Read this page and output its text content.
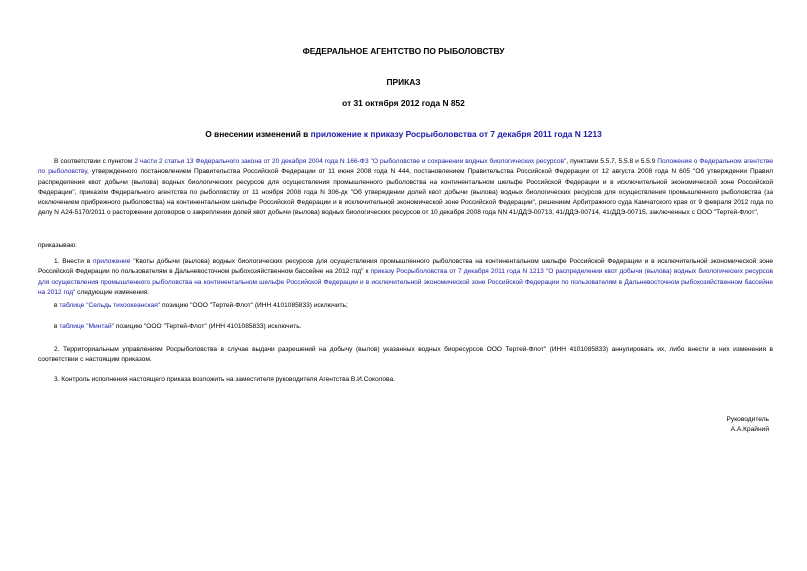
ФЕДЕРАЛЬНОЕ АГЕНТСТВО ПО РЫБОЛОВСТВУ
ПРИКАЗ
от 31 октября 2012 года N 852
О внесении изменений в приложение к приказу Росрыболовства от 7 декабря 2011 года N 1213
В соответствии с пунктом 2 части 2 статьи 13 Федерального закона от 20 декабря 2004 года N 166-ФЗ "О рыболовстве и сохранении водных биологических ресурсов", пунктами 5.5.7, 5.5.8 и 5.5.9 Положения о Федеральном агентстве по рыболовству, утвержденного постановлением Правительства Российской Федерации от 11 июня 2008 года N 444, постановлением Правительства Российской Федерации от 12 августа 2008 года N 605 "Об утверждении Правил распределения квот добычи (вылова) водных биологических ресурсов для осуществления промышленного рыболовства на континентальном шельфе Российской Федерации и в исключительной экономической зоне Российской Федерации", приказом Федерального агентства по рыболовству от 11 ноября 2008 года N 306-дк "Об утверждении долей квот добычи (вылова) водных биологических ресурсов для осуществления промышленного рыболовства (за исключением прибрежного рыболовства) на континентальном шельфе Российской Федерации и в исключительной экономической зоне Российской Федерации", решением Арбитражного суда Камчатского края от 9 февраля 2012 года по делу N А24-5170/2011 о расторжении договоров о закреплении долей квот добычи (вылова) водных биологических ресурсов от 10 декабря 2008 года NN 41/ДДЭ-00713, 41/ДДЭ-00714, 41/ДДЭ-00715, заключенных с ООО "Тертей-Флот",
приказываю:
1. Внести в приложение "Квоты добычи (вылова) водных биологических ресурсов для осуществления промышленного рыболовства на континентальном шельфе Российской Федерации и в исключительной экономической зоне Российской Федерации по пользователям в Дальневосточном рыбохозяйственном бассейне на 2012 год" к приказу Росрыболовства от 7 декабря 2011 года N 1213 "О распределении квот добычи (вылова) водных биологических ресурсов для осуществления промышленного рыболовства на континентальном шельфе Российской Федерации и в исключительной экономической зоне Российской Федерации по пользователям в Дальневосточном рыбохозяйственном бассейне на 2012 год" следующие изменения:
в таблице "Сельдь тихоокеанская" позицию "ООО "Тертей-Флот" (ИНН 4101085833) исключить;
в таблице "Минтай" позицию "ООО "Тертей-Флот" (ИНН 4101085833) исключить.
2. Территориальным управлениям Росрыболовства в случае выдачи разрешений на добычу (вылов) указанных водных биоресурсов ООО Тертей-Флот" (ИНН 4101085833) аннулировать их, либо внести в них изменения в соответствии с настоящим приказом.
3. Контроль исполнения настоящего приказа возложить на заместителя руководителя Агентства В.И.Соколова.
Руководитель
А.А.Крайний
